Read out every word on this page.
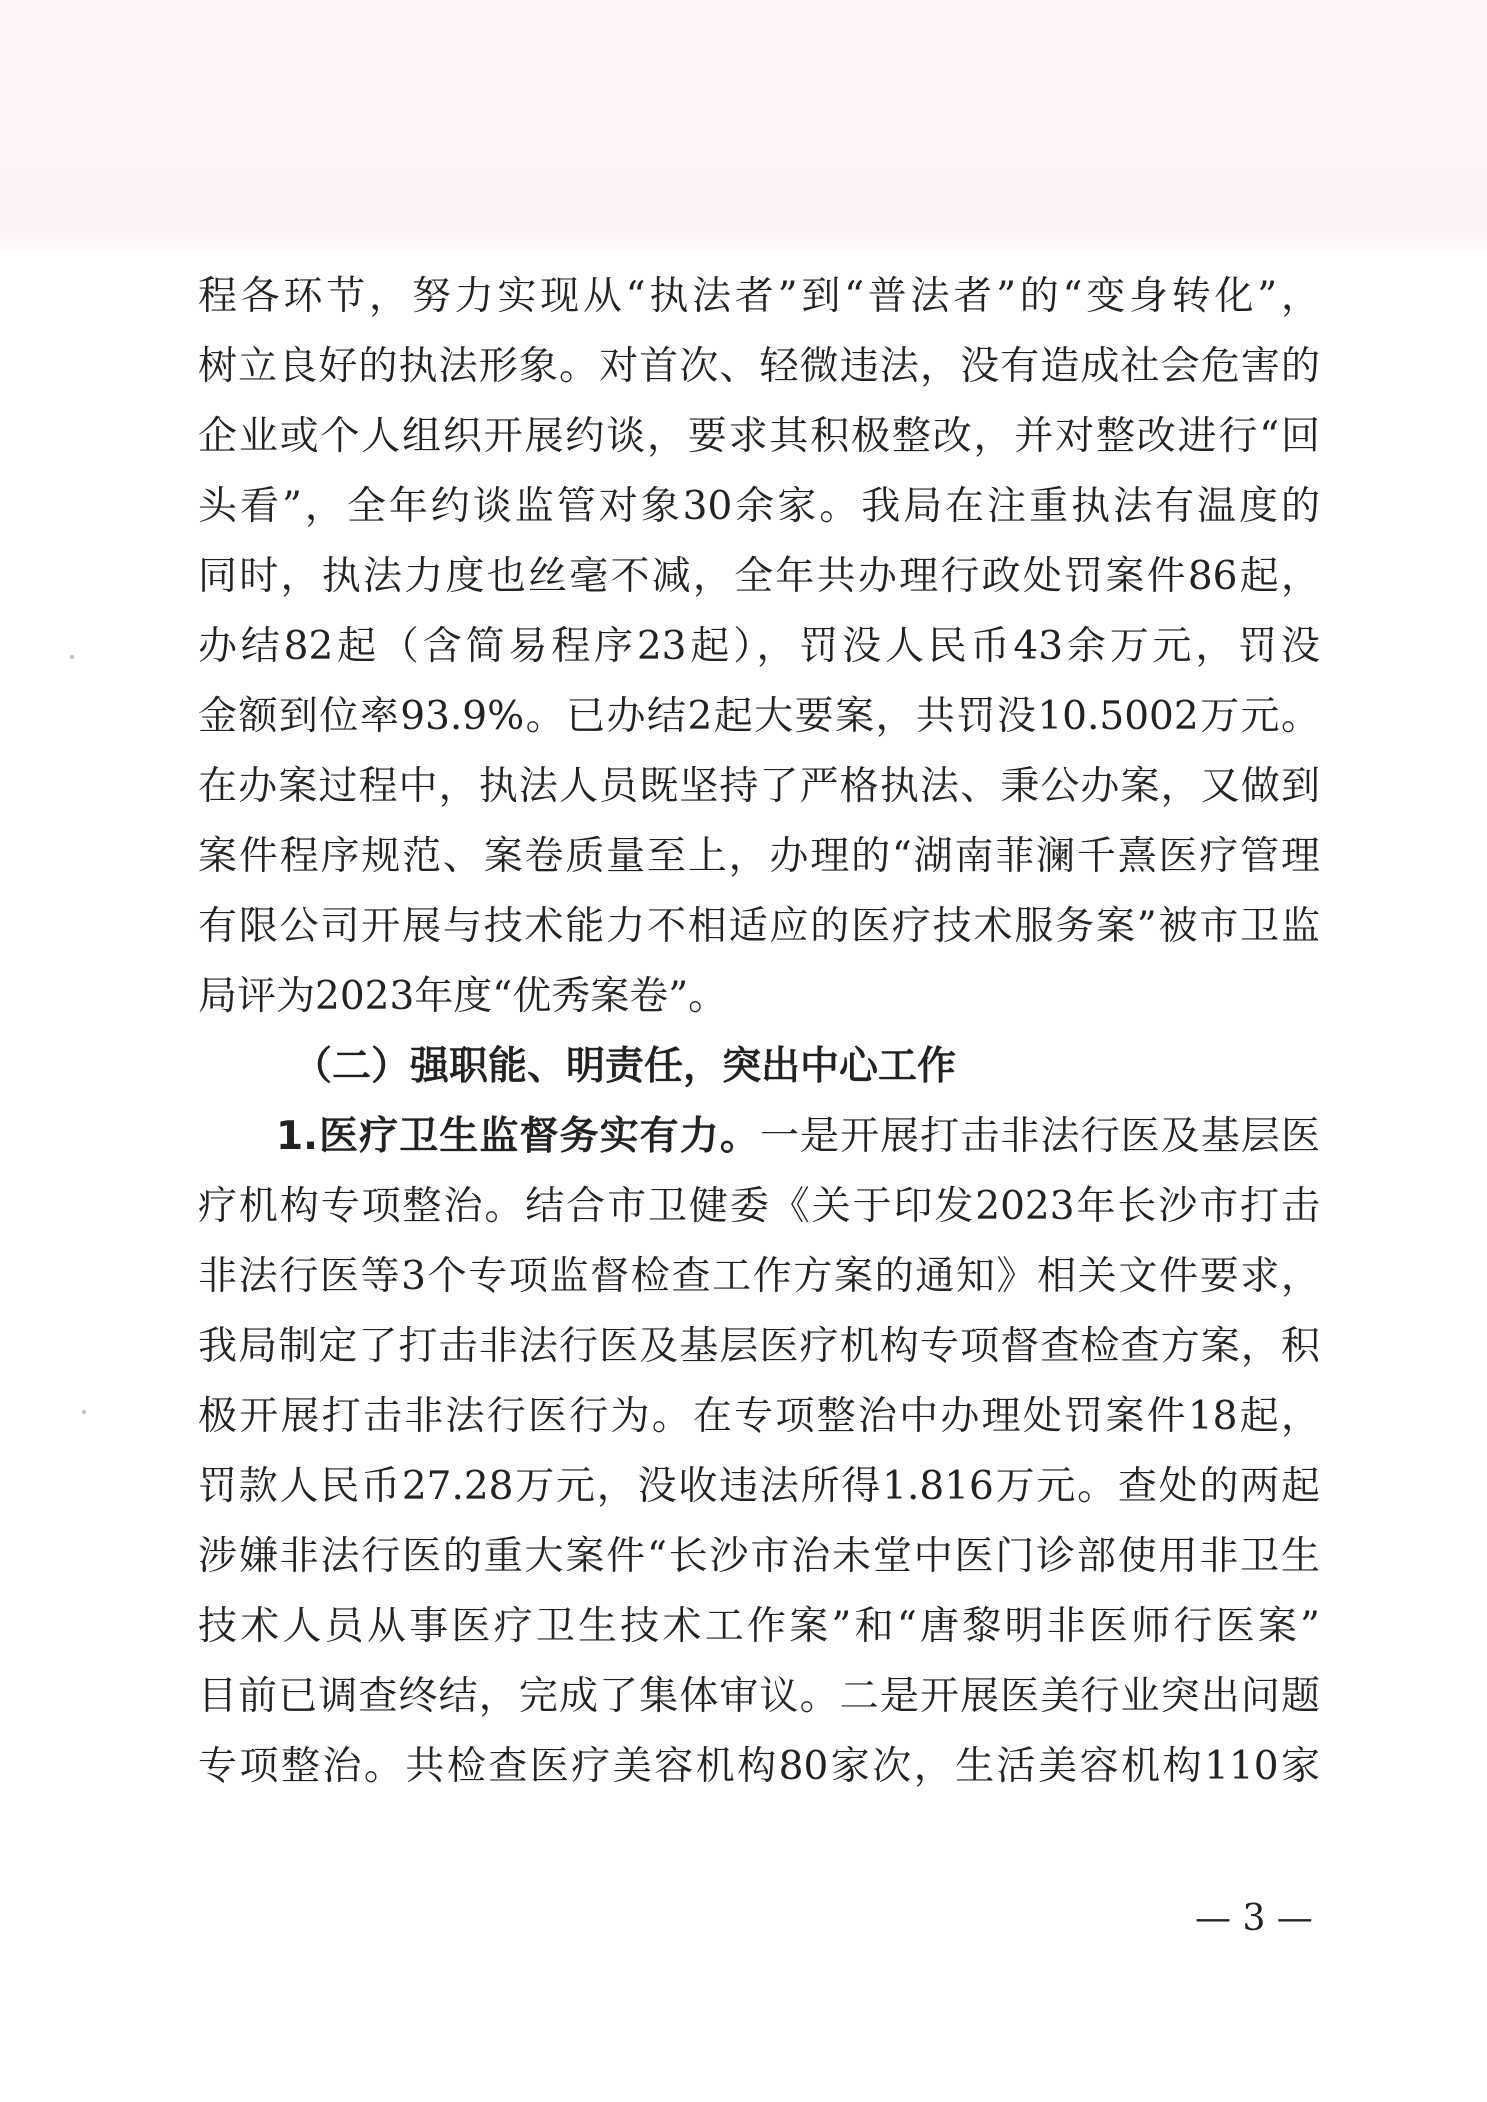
程各环节，努力实现从“执法者”到“普法者”的“变身转化”，
树立良好的执法形象。对首次、轻微违法，没有造成社会危害的
企业或个人组织开展约谈，要求其积极整改，并对整改进行“回
头看”，全年约谈监管对象30余家。我局在注重执法有温度的
同时，执法力度也丝毫不减，全年共办理行政处罚案件86起，
办结82起（含简易程序23起），罚没人民币43余万元，罚没
金额到位率93.9%。已办结2起大要案，共罚没10.5002万元。
在办案过程中，执法人员既坚持了严格执法、秉公办案，又做到
案件程序规范、案卷质量至上，办理的“湖南菲澜千熹医疗管理
有限公司开展与技术能力不相适应的医疗技术服务案”被市卫监
局评为2023年度“优秀案卷”。
（二）强职能、明责任，突出中心工作
1.医疗卫生监督务实有力。一是开展打击非法行医及基层医
疗机构专项整治。结合市卫健委《关于印发2023年长沙市打击
非法行医等3个专项监督检查工作方案的通知》相关文件要求，
我局制定了打击非法行医及基层医疗机构专项督查检查方案，积
极开展打击非法行医行为。在专项整治中办理处罚案件18起，
罚款人民币27.28万元，没收违法所得1.816万元。查处的两起
涉嫌非法行医的重大案件“长沙市治未堂中医门诊部使用非卫生
技术人员从事医疗卫生技术工作案”和“唐黎明非医师行医案”
目前已调查终结，完成了集体审议。二是开展医美行业突出问题
专项整治。共检查医疗美容机构80家次，生活美容机构110家
— 3 —
